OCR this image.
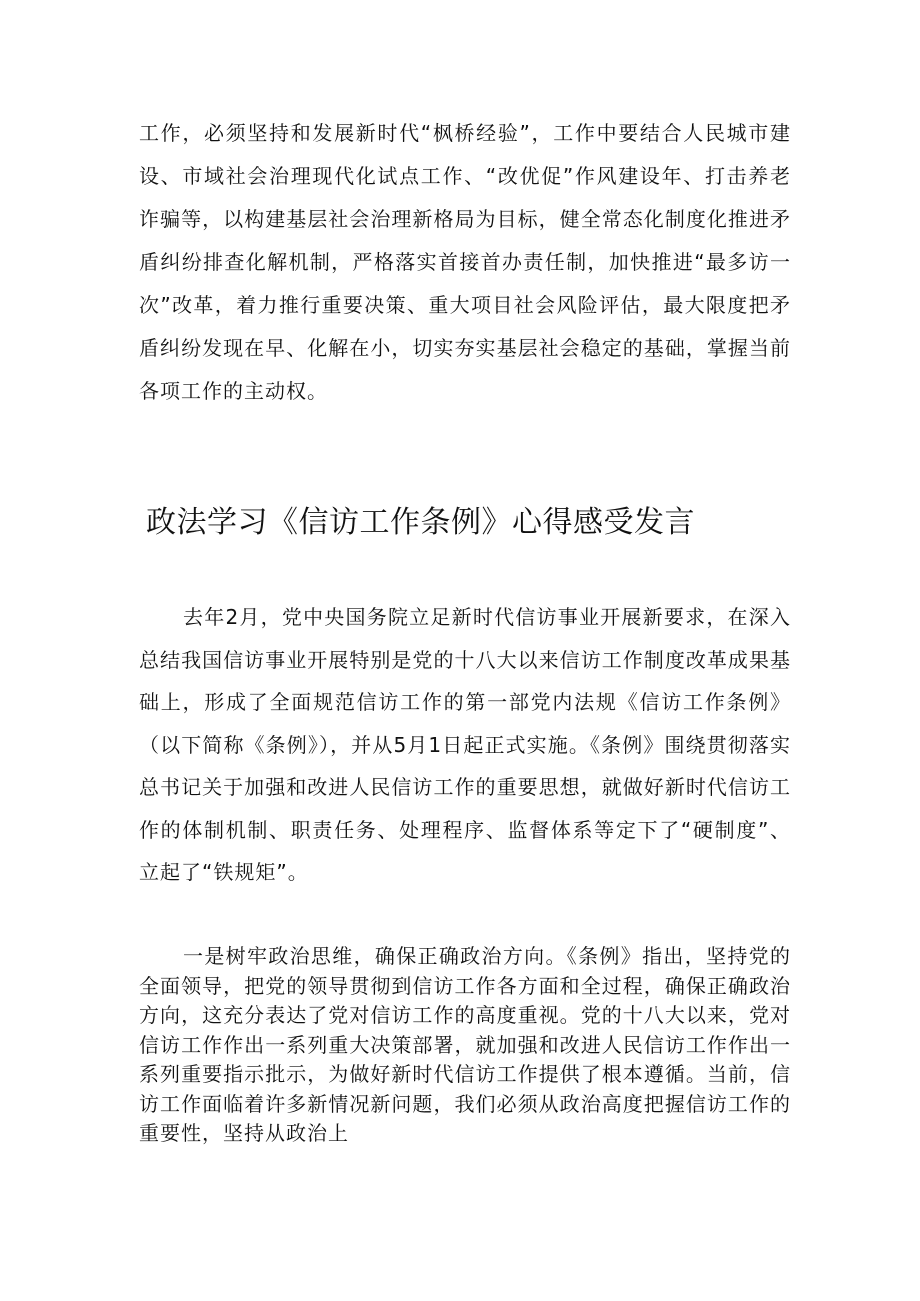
工作，必须坚持和发展新时代“枫桥经验”，工作中要结合人民城市建设、市域社会治理现代化试点工作、“改优促”作风建设年、打击养老诈骗等，以构建基层社会治理新格局为目标，健全常态化制度化推进矛盾纠纷排查化解机制，严格落实首接首办责任制，加快推进“最多访一次”改革，着力推行重要决策、重大项目社会风险评估，最大限度把矛盾纠纷发现在早、化解在小，切实夯实基层社会稳定的基础，掌握当前各项工作的主动权。

政法学习《信访工作条例》心得感受发言

去年2月，党中央国务院立足新时代信访事业开展新要求，在深入总结我国信访事业开展特别是党的十八大以来信访工作制度改革成果基础上，形成了全面规范信访工作的第一部党内法规《信访工作条例》（以下简称《条例》），并从5月1日起正式实施。《条例》围绕贯彻落实总书记关于加强和改进人民信访工作的重要思想，就做好新时代信访工作的体制机制、职责任务、处理程序、监督体系等定下了“硬制度”、立起了“铁规矩”。

一是树牢政治思维，确保正确政治方向。《条例》指出，坚持党的全面领导，把党的领导贯彻到信访工作各方面和全过程，确保正确政治方向，这充分表达了党对信访工作的高度重视。党的十八大以来，党对信访工作作出一系列重大决策部署，就加强和改进人民信访工作作出一系列重要指示批示，为做好新时代信访工作提供了根本遵循。当前，信访工作面临着许多新情况新问题，我们必须从政治高度把握信访工作的重要性，坚持从政治上
